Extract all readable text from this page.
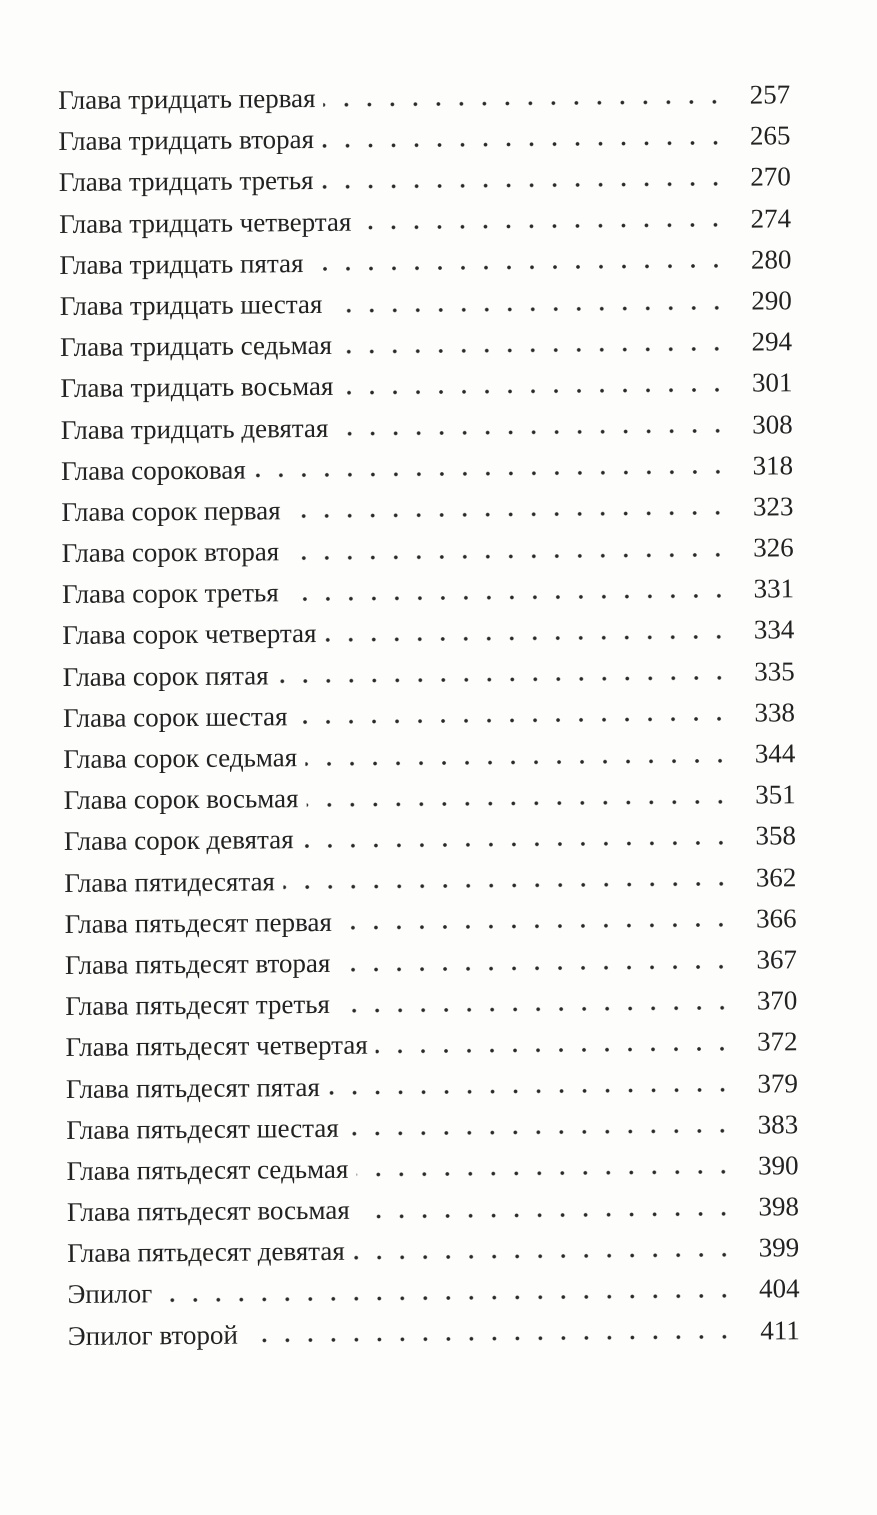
Глава тридцать первая	257
Глава тридцать вторая	265
Глава тридцать третья	270
Глава тридцать четвертая	274
Глава тридцать пятая	280
Глава тридцать шестая	290
Глава тридцать седьмая	294
Глава тридцать восьмая	301
Глава тридцать девятая	308
Глава сороковая	318
Глава сорок первая	323
Глава сорок вторая	326
Глава сорок третья	331
Глава сорок четвертая	334
Глава сорок пятая	335
Глава сорок шестая	338
Глава сорок седьмая	344
Глава сорок восьмая	351
Глава сорок девятая	358
Глава пятидесятая	362
Глава пятьдесят первая	366
Глава пятьдесят вторая	367
Глава пятьдесят третья	370
Глава пятьдесят четвертая	372
Глава пятьдесят пятая	379
Глава пятьдесят шестая	383
Глава пятьдесят седьмая	390
Глава пятьдесят восьмая	398
Глава пятьдесят девятая	399
Эпилог	404
Эпилог второй	411
